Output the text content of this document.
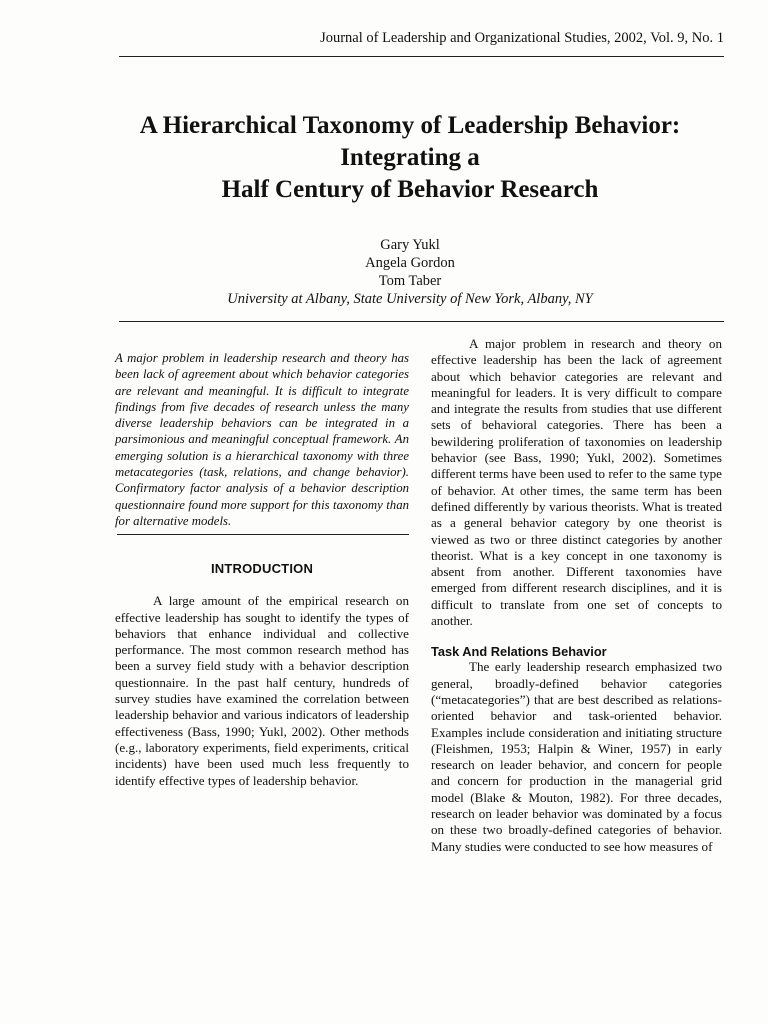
Journal of Leadership and Organizational Studies, 2002, Vol. 9, No. 1
A Hierarchical Taxonomy of Leadership Behavior:
Integrating a
Half Century of Behavior Research
Gary Yukl
Angela Gordon
Tom Taber
University at Albany, State University of New York, Albany, NY

A major problem in leadership research and theory has been lack of agreement about which behavior categories are relevant and meaningful. It is difficult to integrate findings from five decades of research unless the many diverse leadership behaviors can be integrated in a parsimonious and meaningful conceptual framework. An emerging solution is a hierarchical taxonomy with three metacategories (task, relations, and change behavior). Confirmatory factor analysis of a behavior description questionnaire found more support for this taxonomy than for alternative models.

INTRODUCTION

A large amount of the empirical research on effective leadership has sought to identify the types of behaviors that enhance individual and collective performance. The most common research method has been a survey field study with a behavior description questionnaire. In the past half century, hundreds of survey studies have examined the correlation between leadership behavior and various indicators of leadership effectiveness (Bass, 1990; Yukl, 2002). Other methods (e.g., laboratory experiments, field experiments, critical incidents) have been used much less frequently to identify effective types of leadership behavior.

A major problem in research and theory on effective leadership has been the lack of agreement about which behavior categories are relevant and meaningful for leaders. It is very difficult to compare and integrate the results from studies that use different sets of behavioral categories. There has been a bewildering proliferation of taxonomies on leadership behavior (see Bass, 1990; Yukl, 2002). Sometimes different terms have been used to refer to the same type of behavior. At other times, the same term has been defined differently by various theorists. What is treated as a general behavior category by one theorist is viewed as two or three distinct categories by another theorist. What is a key concept in one taxonomy is absent from another. Different taxonomies have emerged from different research disciplines, and it is difficult to translate from one set of concepts to another.

Task And Relations Behavior

The early leadership research emphasized two general, broadly-defined behavior categories (“metacategories”) that are best described as relations-oriented behavior and task-oriented behavior. Examples include consideration and initiating structure (Fleishmen, 1953; Halpin & Winer, 1957) in early research on leader behavior, and concern for people and concern for production in the managerial grid model (Blake & Mouton, 1982). For three decades, research on leader behavior was dominated by a focus on these two broadly-defined categories of behavior. Many studies were conducted to see how measures of
